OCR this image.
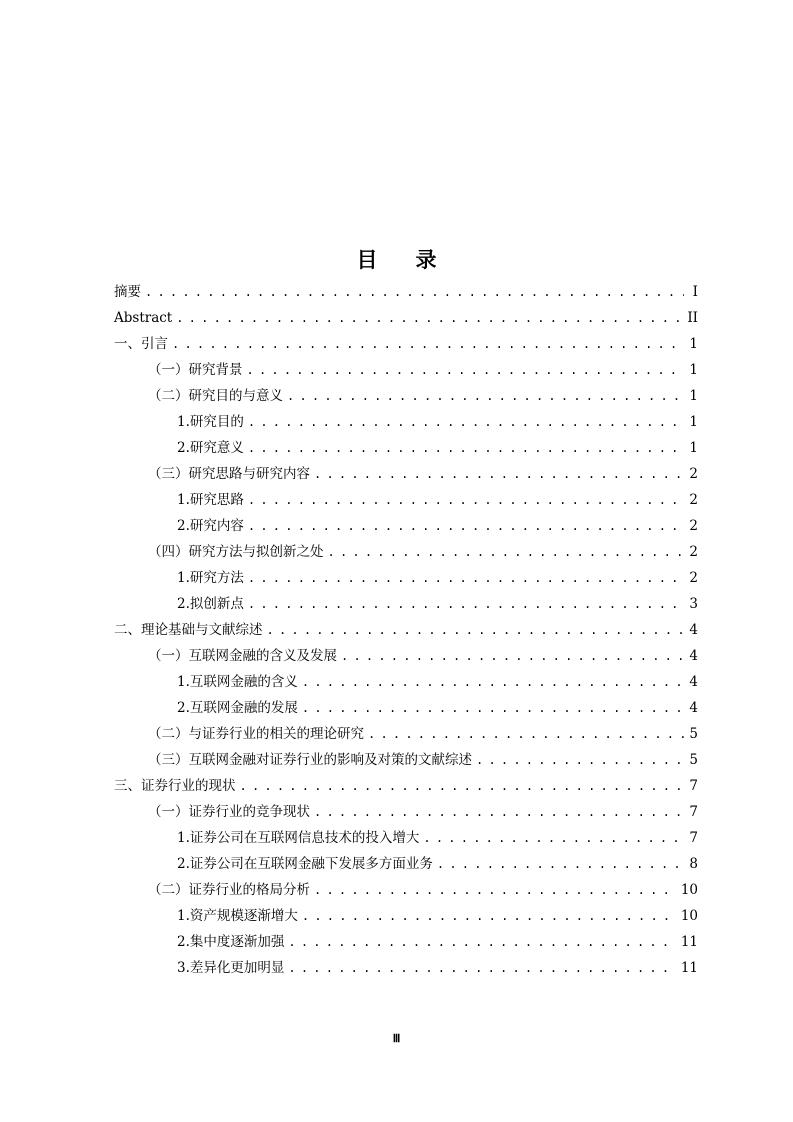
目录
摘要 . . .	I
Abstract . . .	II
一、引言 . . .	1
（一）研究背景 . . .	1
（二）研究目的与意义 . . .	1
1.研究目的 . . .	1
2.研究意义 . . .	1
（三）研究思路与研究内容 . . .	2
1.研究思路 . . .	2
2.研究内容 . . .	2
（四）研究方法与拟创新之处 . . .	2
1.研究方法 . . .	2
2.拟创新点 . . .	3
二、理论基础与文献综述 . . .	4
（一）互联网金融的含义及发展 . . .	4
1.互联网金融的含义 . . .	4
2.互联网金融的发展 . . .	4
（二）与证券行业的相关的理论研究 . . .	5
（三）互联网金融对证券行业的影响及对策的文献综述 . . .	5
三、证券行业的现状 . . .	7
（一）证券行业的竞争现状 . . .	7
1.证券公司在互联网信息技术的投入增大 . . .	7
2.证券公司在互联网金融下发展多方面业务 . . .	8
（二）证券行业的格局分析 . . .	10
1.资产规模逐渐增大 . . .	10
2.集中度逐渐加强 . . .	11
3.差异化更加明显 . . .	11
Ⅲ
